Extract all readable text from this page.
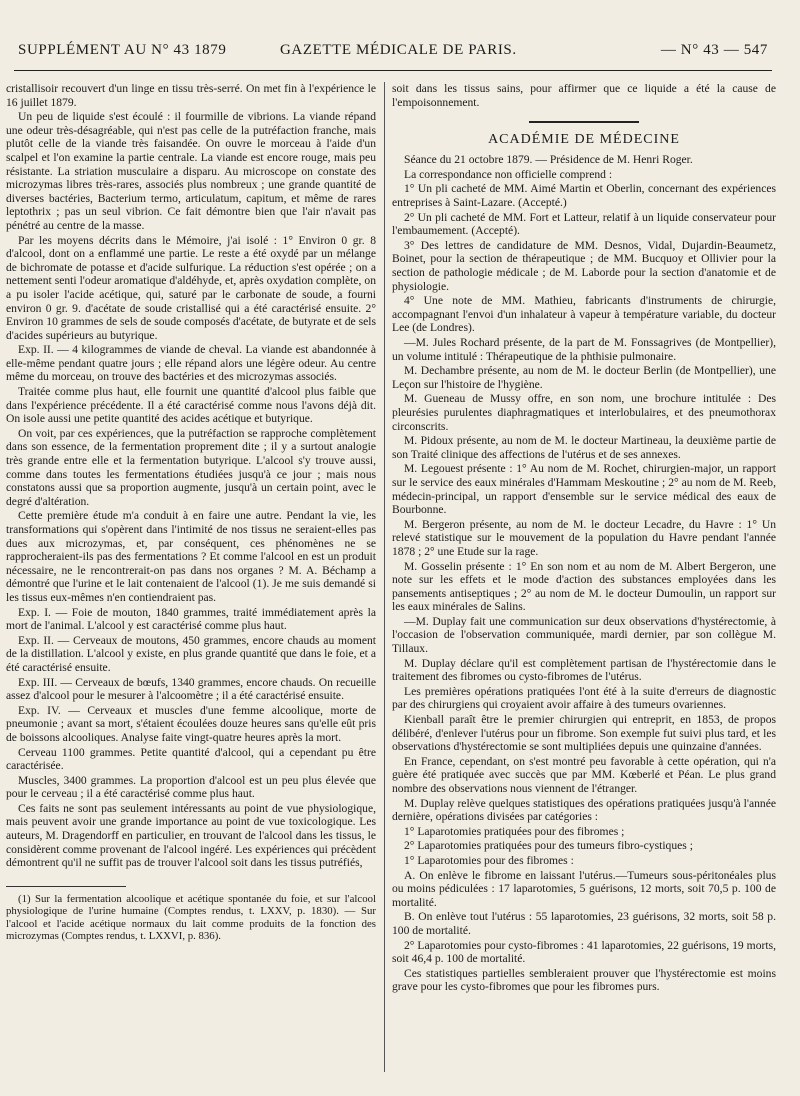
SUPPLÉMENT AU N° 43 1879	GAZETTE MÉDICALE DE PARIS.	— N° 43 — 547

cristallisoir recouvert d'un linge en tissu très-serré. On met fin à l'expérience le 16 juillet 1879.

Un peu de liquide s'est écoulé : il fourmille de vibrions. La viande répand une odeur très-désagréable, qui n'est pas celle de la putréfaction franche, mais plutôt celle de la viande très faisandée. On ouvre le morceau à l'aide d'un scalpel et l'on examine la partie centrale. La viande est encore rouge, mais peu résistante. La striation musculaire a disparu. Au microscope on constate des microzymas libres très-rares, associés plus nombreux ; une grande quantité de diverses bactéries, Bacterium termo, articulatum, capitum, et même de rares leptothrix ; pas un seul vibrion. Ce fait démontre bien que l'air n'avait pas pénétré au centre de la masse.

Par les moyens décrits dans le Mémoire, j'ai isolé : 1° Environ 0 gr. 8 d'alcool, dont on a enflammé une partie. Le reste a été oxydé par un mélange de bichromate de potasse et d'acide sulfurique. La réduction s'est opérée ; on a nettement senti l'odeur aromatique d'aldéhyde, et, après oxydation complète, on a pu isoler l'acide acétique, qui, saturé par le carbonate de soude, a fourni environ 0 gr. 9. d'acétate de soude cristallisé qui a été caractérisé ensuite. 2° Environ 10 grammes de sels de soude composés d'acétate, de butyrate et de sels d'acides supérieurs au butyrique.

Exp. II. — 4 kilogrammes de viande de cheval. La viande est abandonnée à elle-même pendant quatre jours ; elle répand alors une légère odeur. Au centre même du morceau, on trouve des bactéries et des microzymas associés.

Traitée comme plus haut, elle fournit une quantité d'alcool plus faible que dans l'expérience précédente. Il a été caractérisé comme nous l'avons déjà dit. On isole aussi une petite quantité des acides acétique et butyrique.

On voit, par ces expériences, que la putréfaction se rapproche complètement dans son essence, de la fermentation proprement dite ; il y a surtout analogie très grande entre elle et la fermentation butyrique. L'alcool s'y trouve aussi, comme dans toutes les fermentations étudiées jusqu'à ce jour ; mais nous constatons aussi que sa proportion augmente, jusqu'à un certain point, avec le degré d'altération.

Cette première étude m'a conduit à en faire une autre. Pendant la vie, les transformations qui s'opèrent dans l'intimité de nos tissus ne seraient-elles pas dues aux microzymas, et, par conséquent, ces phénomènes ne se rapprocheraient-ils pas des fermentations ? Et comme l'alcool en est un produit nécessaire, ne le rencontrerait-on pas dans nos organes ? M. A. Béchamp a démontré que l'urine et le lait contenaient de l'alcool (1). Je me suis demandé si les tissus eux-mêmes n'en contiendraient pas.

Exp. I. — Foie de mouton, 1840 grammes, traité immédiatement après la mort de l'animal. L'alcool y est caractérisé comme plus haut.

Exp. II. — Cerveaux de moutons, 450 grammes, encore chauds au moment de la distillation. L'alcool y existe, en plus grande quantité que dans le foie, et a été caractérisé ensuite.

Exp. III. — Cerveaux de bœufs, 1340 grammes, encore chauds. On recueille assez d'alcool pour le mesurer à l'alcoomètre ; il a été caractérisé ensuite.

Exp. IV. — Cerveaux et muscles d'une femme alcoolique, morte de pneumonie ; avant sa mort, s'étaient écoulées douze heures sans qu'elle eût pris de boissons alcooliques. Analyse faite vingt-quatre heures après la mort.

Cerveau 1100 grammes. Petite quantité d'alcool, qui a cependant pu être caractérisée.

Muscles, 3400 grammes. La proportion d'alcool est un peu plus élevée que pour le cerveau ; il a été caractérisé comme plus haut.

Ces faits ne sont pas seulement intéressants au point de vue physiologique, mais peuvent avoir une grande importance au point de vue toxicologique. Les auteurs, M. Dragendorff en particulier, en trouvant de l'alcool dans les tissus, le considèrent comme provenant de l'alcool ingéré. Les expériences qui précèdent démontrent qu'il ne suffit pas de trouver l'alcool soit dans les tissus putréfiés,

(1) Sur la fermentation alcoolique et acétique spontanée du foie, et sur l'alcool physiologique de l'urine humaine (Comptes rendus, t. LXXV, p. 1830). — Sur l'alcool et l'acide acétique normaux du lait comme produits de la fonction des microzymas (Comptes rendus, t. LXXVI, p. 836).

soit dans les tissus sains, pour affirmer que ce liquide a été la cause de l'empoisonnement.

ACADÉMIE DE MÉDECINE

Séance du 21 octobre 1879. — Présidence de M. Henri Roger.

La correspondance non officielle comprend :

1° Un pli cacheté de MM. Aimé Martin et Oberlin, concernant des expériences entreprises à Saint-Lazare. (Accepté.)

2° Un pli cacheté de MM. Fort et Latteur, relatif à un liquide conservateur pour l'embaumement. (Accepté).

3° Des lettres de candidature de MM. Desnos, Vidal, Dujardin-Beaumetz, Boinet, pour la section de thérapeutique ; de MM. Bucquoy et Ollivier pour la section de pathologie médicale ; de M. Laborde pour la section d'anatomie et de physiologie.

4° Une note de MM. Mathieu, fabricants d'instruments de chirurgie, accompagnant l'envoi d'un inhalateur à vapeur à température variable, du docteur Lee (de Londres).

—M. Jules Rochard présente, de la part de M. Fonssagrives (de Montpellier), un volume intitulé : Thérapeutique de la phthisie pulmonaire.

M. Dechambre présente, au nom de M. le docteur Berlin (de Montpellier), une Leçon sur l'histoire de l'hygiène.

M. Gueneau de Mussy offre, en son nom, une brochure intitulée : Des pleurésies purulentes diaphragmatiques et interlobulaires, et des pneumothorax circonscrits.

M. Pidoux présente, au nom de M. le docteur Martineau, la deuxième partie de son Traité clinique des affections de l'utérus et de ses annexes.

M. Legouest présente : 1° Au nom de M. Rochet, chirurgien-major, un rapport sur le service des eaux minérales d'Hammam Meskoutine ; 2° au nom de M. Reeb, médecin-principal, un rapport d'ensemble sur le service médical des eaux de Bourbonne.

M. Bergeron présente, au nom de M. le docteur Lecadre, du Havre : 1° Un relevé statistique sur le mouvement de la population du Havre pendant l'année 1878 ; 2° une Etude sur la rage.

M. Gosselin présente : 1° En son nom et au nom de M. Albert Bergeron, une note sur les effets et le mode d'action des substances employées dans les pansements antiseptiques ; 2° au nom de M. le docteur Dumoulin, un rapport sur les eaux minérales de Salins.

—M. Duplay fait une communication sur deux observations d'hystérectomie, à l'occasion de l'observation communiquée, mardi dernier, par son collègue M. Tillaux.

M. Duplay déclare qu'il est complètement partisan de l'hystérectomie dans le traitement des fibromes ou cysto-fibromes de l'utérus.

Les premières opérations pratiquées l'ont été à la suite d'erreurs de diagnostic par des chirurgiens qui croyaient avoir affaire à des tumeurs ovariennes.

Kienball paraît être le premier chirurgien qui entreprit, en 1853, de propos délibéré, d'enlever l'utérus pour un fibrome. Son exemple fut suivi plus tard, et les observations d'hystérectomie se sont multipliées depuis une quinzaine d'années.

En France, cependant, on s'est montré peu favorable à cette opération, qui n'a guère été pratiquée avec succès que par MM. Kœberlé et Péan. Le plus grand nombre des observations nous viennent de l'étranger.

M. Duplay relève quelques statistiques des opérations pratiquées jusqu'à l'année dernière, opérations divisées par catégories :

1° Laparotomies pratiquées pour des fibromes ;

2° Laparotomies pratiquées pour des tumeurs fibro-cystiques ;

1° Laparotomies pour des fibromes :

A. On enlève le fibrome en laissant l'utérus.—Tumeurs sous-péritonéales plus ou moins pédiculées : 17 laparotomies, 5 guérisons, 12 morts, soit 70,5 p. 100 de mortalité.

B. On enlève tout l'utérus : 55 laparotomies, 23 guérisons, 32 morts, soit 58 p. 100 de mortalité.

2° Laparotomies pour cysto-fibromes : 41 laparotomies, 22 guérisons, 19 morts, soit 46,4 p. 100 de mortalité.

Ces statistiques partielles sembleraient prouver que l'hystérectomie est moins grave pour les cysto-fibromes que pour les fibromes purs.
